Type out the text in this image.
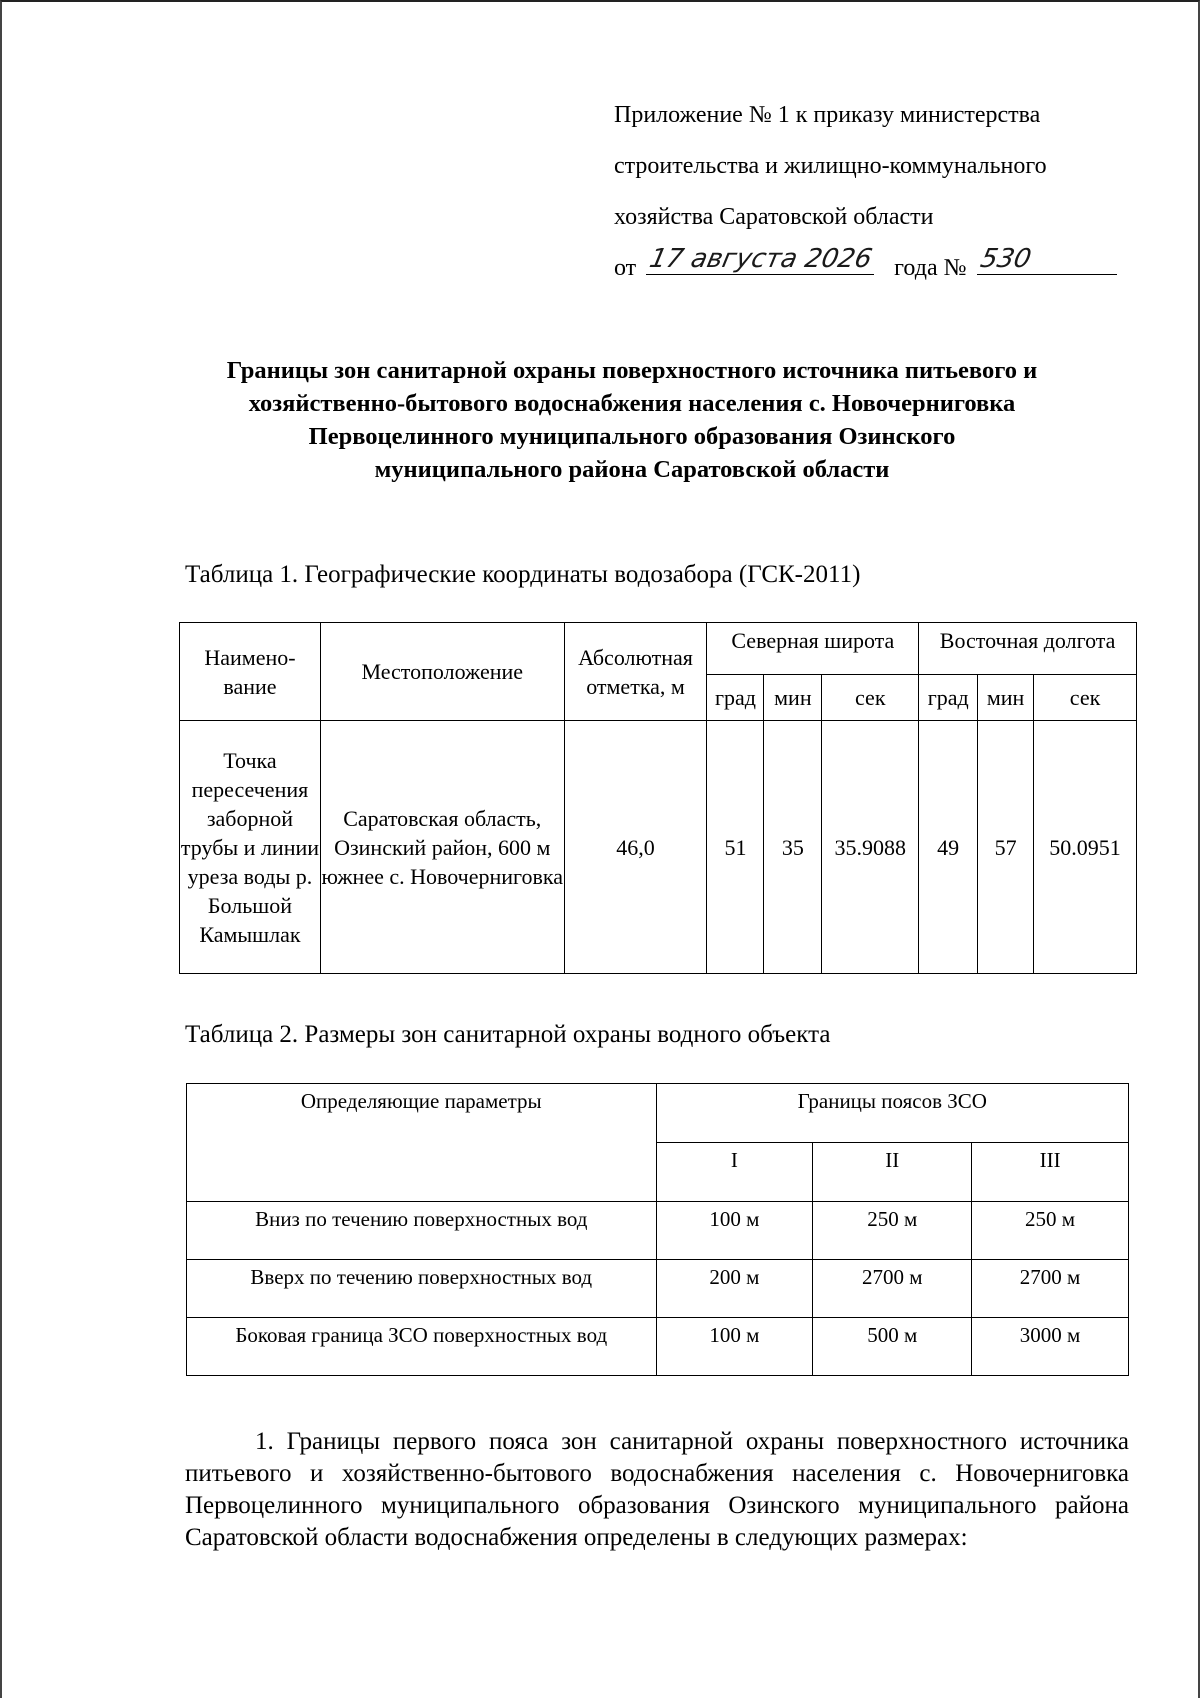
Приложение № 1 к приказу министерства
строительства и жилищно-коммунального
хозяйства Саратовской области
от 17 августа 2026 года № 530
Границы зон санитарной охраны поверхностного источника питьевого и
хозяйственно-бытового водоснабжения населения с. Новочерниговка
Первоцелинного муниципального образования Озинского
муниципального района Саратовской области
Таблица 1. Географические координаты водозабора (ГСК-2011)
Наимено-вание	Местоположение	Абсолютная отметка, м	Северная широта			Восточная долгота		
			град	мин	сек	град	мин	сек
Точка пересечения заборной трубы и линии уреза воды р. Большой Камышлак	Саратовская область, Озинский район, 600 м южнее с. Новочерниговка	46,0	51	35	35.9088	49	57	50.0951
Таблица 2. Размеры зон санитарной охраны водного объекта
Определяющие параметры	Границы поясов ЗСО		
	I	II	III
Вниз по течению поверхностных вод	100 м	250 м	250 м
Вверх по течению поверхностных вод	200 м	2700 м	2700 м
Боковая граница ЗСО поверхностных вод	100 м	500 м	3000 м
1. Границы первого пояса зон санитарной охраны поверхностного источника питьевого и хозяйственно-бытового водоснабжения населения с. Новочерниговка Первоцелинного муниципального образования Озинского муниципального района Саратовской области водоснабжения определены в следующих размерах:
